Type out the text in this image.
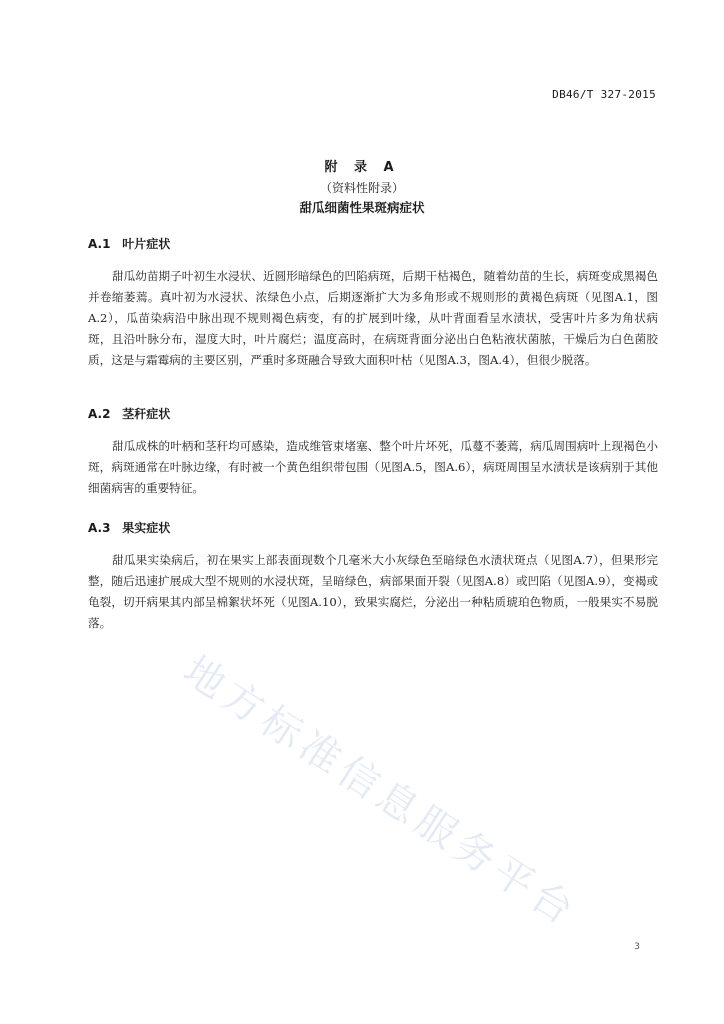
DB46/T 327-2015
附 录 A
（资料性附录）
甜瓜细菌性果斑病症状
A.1 叶片症状

甜瓜幼苗期子叶初生水浸状、近圆形暗绿色的凹陷病斑，后期干枯褐色，随着幼苗的生长，病斑变成黑褐色并卷缩萎蔫。真叶初为水浸状、浓绿色小点，后期逐渐扩大为多角形或不规则形的黄褐色病斑（见图A.1，图A.2），瓜苗染病沿中脉出现不规则褐色病变，有的扩展到叶缘，从叶背面看呈水渍状，受害叶片多为角状病斑，且沿叶脉分布，湿度大时，叶片腐烂；温度高时，在病斑背面分泌出白色粘液状菌脓，干燥后为白色菌胶质，这是与霜霉病的主要区别，严重时多斑融合导致大面积叶枯（见图A.3，图A.4），但很少脱落。

A.2 茎秆症状

甜瓜成株的叶柄和茎秆均可感染，造成维管束堵塞、整个叶片坏死，瓜蔓不萎蔫，病瓜周围病叶上现褐色小斑，病斑通常在叶脉边缘，有时被一个黄色组织带包围（见图A.5，图A.6），病斑周围呈水渍状是该病别于其他细菌病害的重要特征。

A.3 果实症状

甜瓜果实染病后，初在果实上部表面现数个几毫米大小灰绿色至暗绿色水渍状斑点（见图A.7），但果形完整，随后迅速扩展成大型不规则的水浸状斑，呈暗绿色，病部果面开裂（见图A.8）或凹陷（见图A.9），变褐或龟裂，切开病果其内部呈棉絮状坏死（见图A.10），致果实腐烂，分泌出一种粘质琥珀色物质，一般果实不易脱落。

地方标准信息服务平台
3
